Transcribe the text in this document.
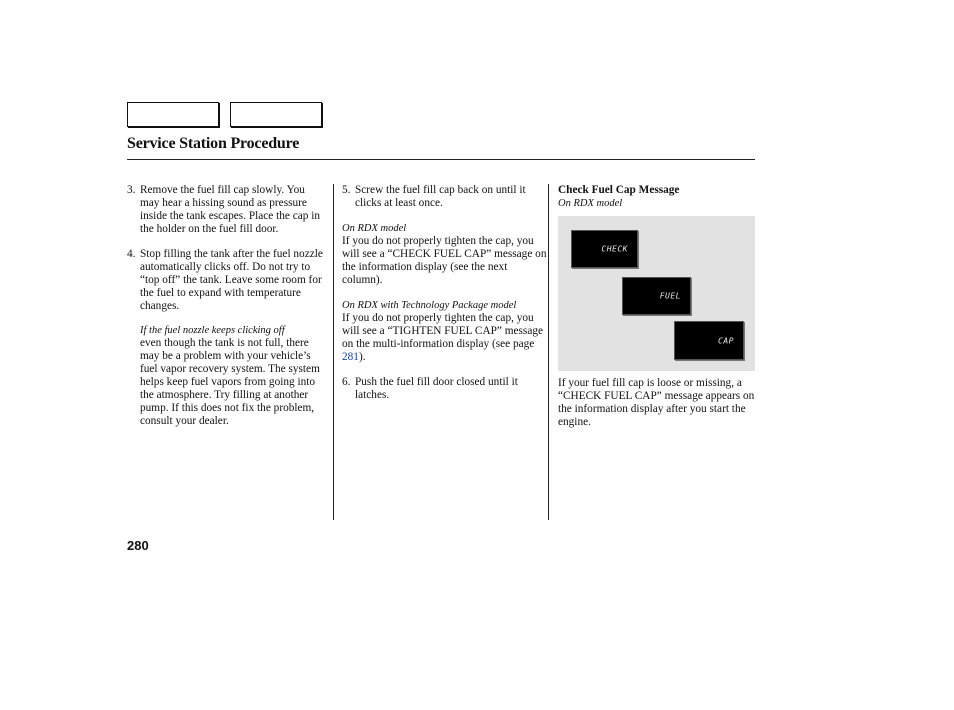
Service Station Procedure
3. Remove the fuel fill cap slowly. You may hear a hissing sound as pressure inside the tank escapes. Place the cap in the holder on the fuel fill door.
4. Stop filling the tank after the fuel nozzle automatically clicks off. Do not try to “top off” the tank. Leave some room for the fuel to expand with temperature changes.
If the fuel nozzle keeps clicking off
even though the tank is not full, there may be a problem with your vehicle’s fuel vapor recovery system. The system helps keep fuel vapors from going into the atmosphere. Try filling at another pump. If this does not fix the problem, consult your dealer.
5. Screw the fuel fill cap back on until it clicks at least once.
On RDX model
If you do not properly tighten the cap, you will see a “CHECK FUEL CAP” message on the information display (see the next column).
On RDX with Technology Package model
If you do not properly tighten the cap, you will see a “TIGHTEN FUEL CAP” message on the multi-information display (see page 281).
6. Push the fuel fill door closed until it latches.
Check Fuel Cap Message
On RDX model
CHECK
FUEL
CAP
If your fuel fill cap is loose or missing, a “CHECK FUEL CAP” message appears on the information display after you start the engine.
280
